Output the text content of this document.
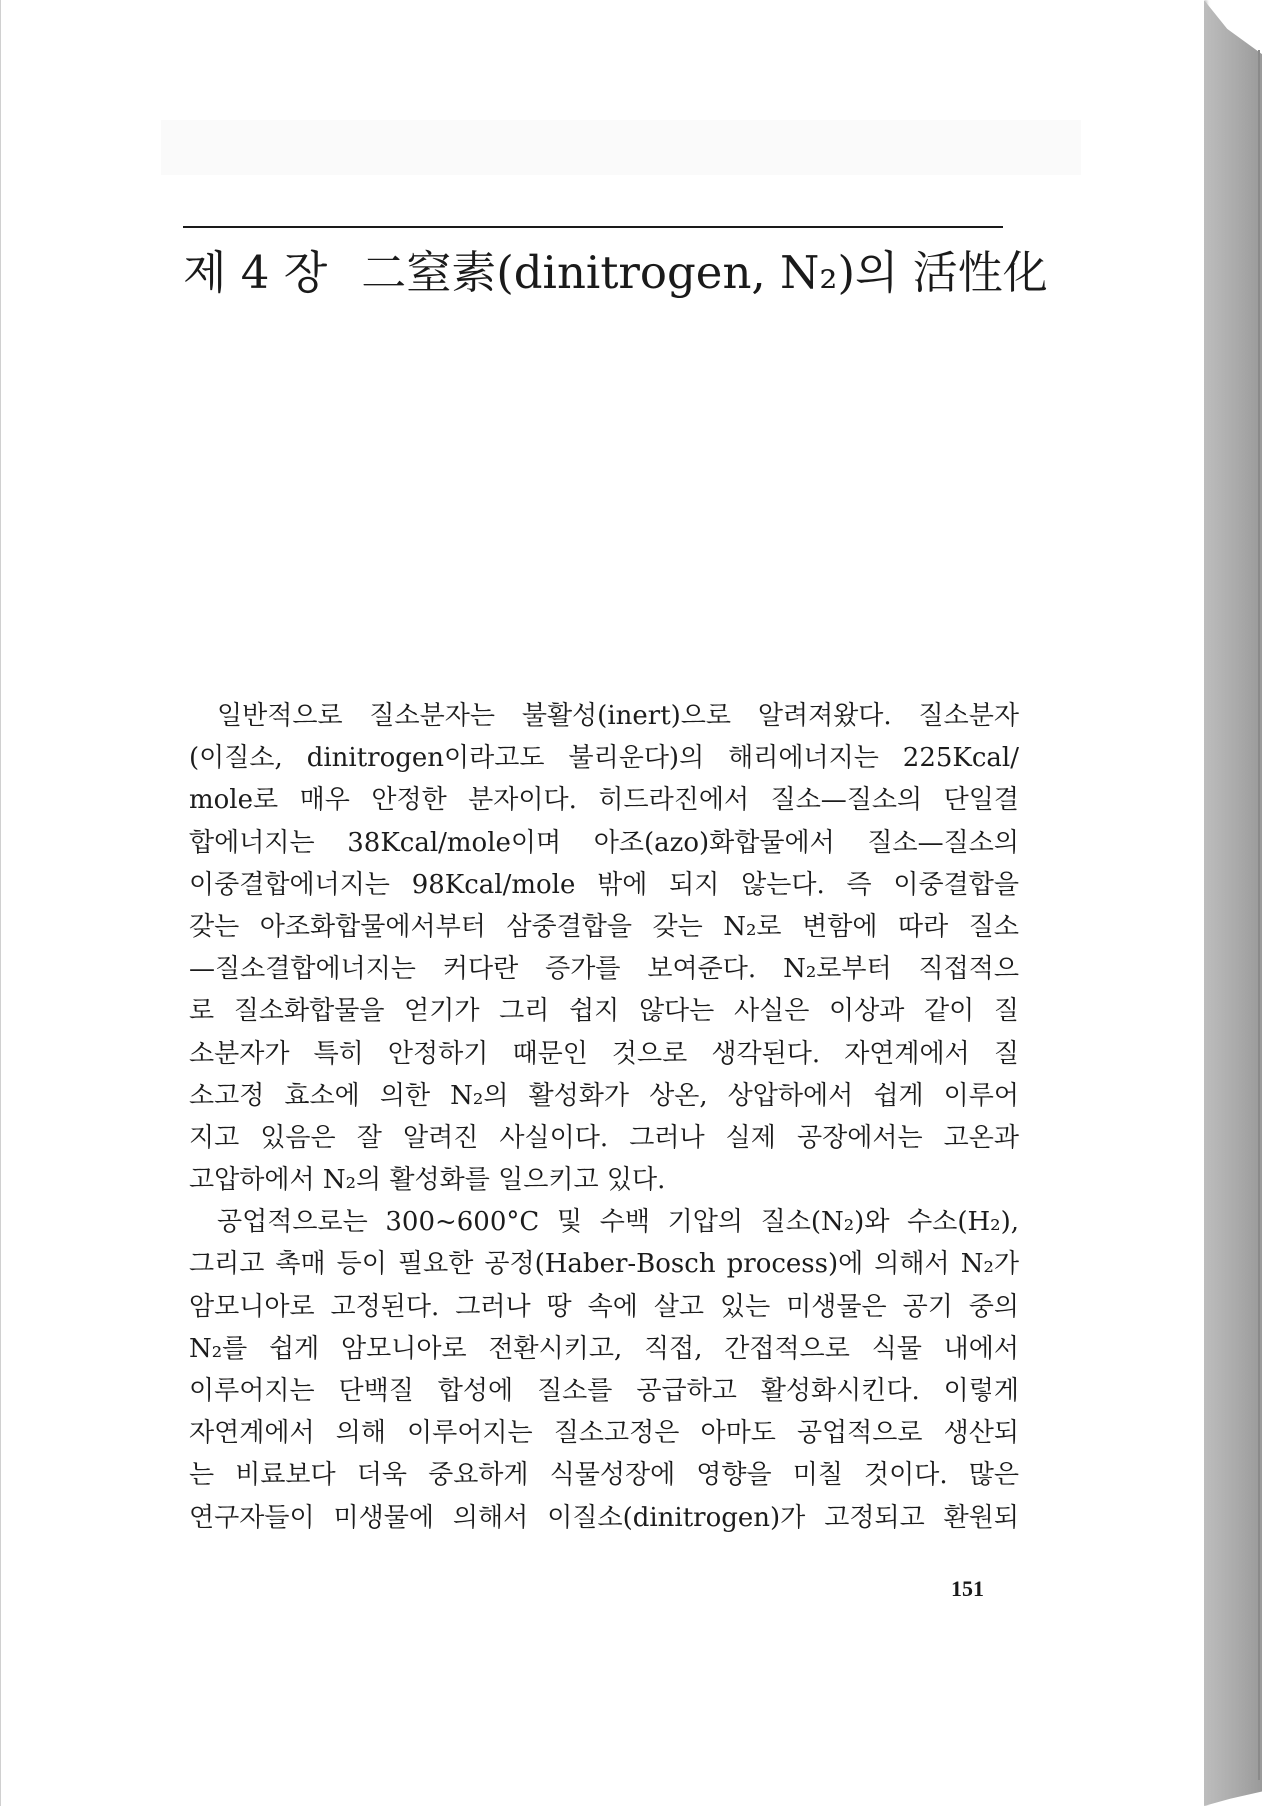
제 4 장 二窒素(dinitrogen, N₂)의 活性化
일반적으로 질소분자는 불활성(inert)으로 알려져왔다. 질소분자
(이질소, dinitrogen이라고도 불리운다)의 해리에너지는 225Kcal/
mole로 매우 안정한 분자이다. 히드라진에서 질소—질소의 단일결
합에너지는 38Kcal/mole이며 아조(azo)화합물에서 질소—질소의
이중결합에너지는 98Kcal/mole 밖에 되지 않는다. 즉 이중결합을
갖는 아조화합물에서부터 삼중결합을 갖는 N₂로 변함에 따라 질소
—질소결합에너지는 커다란 증가를 보여준다. N₂로부터 직접적으
로 질소화합물을 얻기가 그리 쉽지 않다는 사실은 이상과 같이 질
소분자가 특히 안정하기 때문인 것으로 생각된다. 자연계에서 질
소고정 효소에 의한 N₂의 활성화가 상온, 상압하에서 쉽게 이루어
지고 있음은 잘 알려진 사실이다. 그러나 실제 공장에서는 고온과
고압하에서 N₂의 활성화를 일으키고 있다.
공업적으로는 300~600°C 및 수백 기압의 질소(N₂)와 수소(H₂),
그리고 촉매 등이 필요한 공정(Haber-Bosch process)에 의해서 N₂가
암모니아로 고정된다. 그러나 땅 속에 살고 있는 미생물은 공기 중의
N₂를 쉽게 암모니아로 전환시키고, 직접, 간접적으로 식물 내에서
이루어지는 단백질 합성에 질소를 공급하고 활성화시킨다. 이렇게
자연계에서 의해 이루어지는 질소고정은 아마도 공업적으로 생산되
는 비료보다 더욱 중요하게 식물성장에 영향을 미칠 것이다. 많은
연구자들이 미생물에 의해서 이질소(dinitrogen)가 고정되고 환원되
151
